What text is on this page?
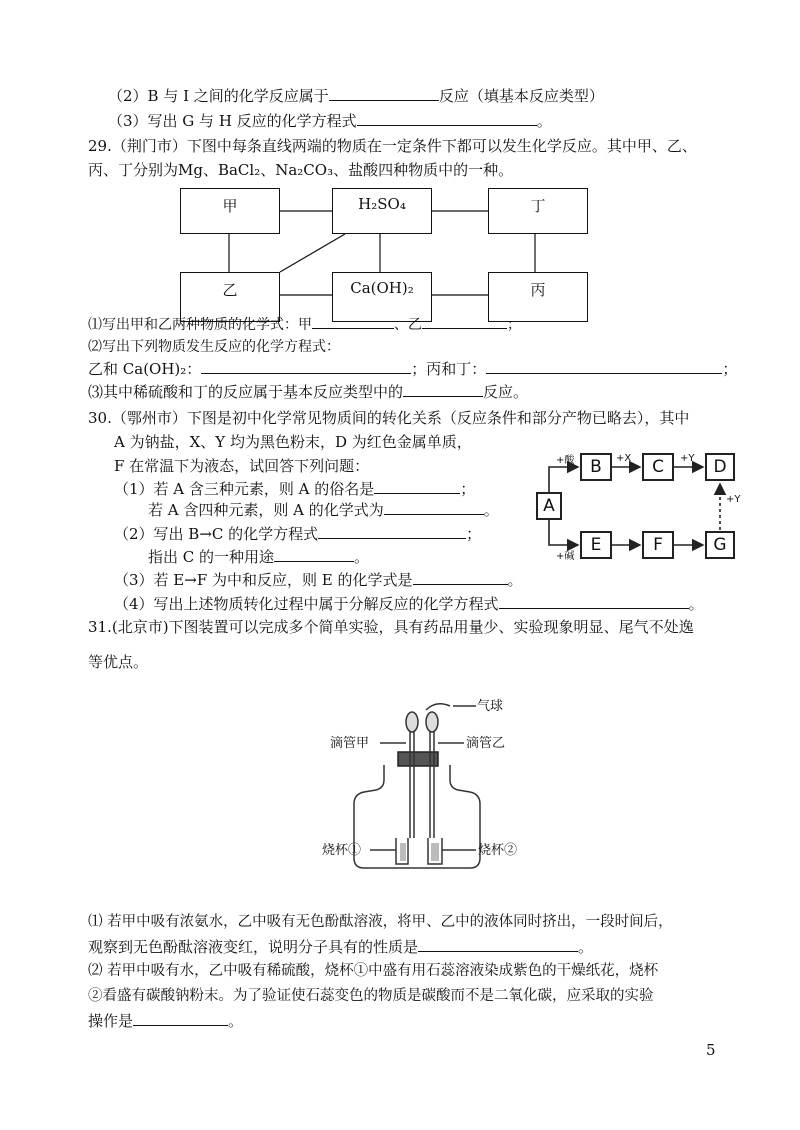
（2）B 与 I 之间的化学反应属于	反应（填基本反应类型）
（3）写出 G 与 H 反应的化学方程式	。
29.（荆门市）下图中每条直线两端的物质在一定条件下都可以发生化学反应。其中甲、乙、
丙、丁分别为Mg、BaCl₂、Na₂CO₃、盐酸四种物质中的一种。
甲	H₂SO₄	丁
乙	Ca(OH)₂	丙
⑴写出甲和乙两种物质的化学式：甲	、乙	；
⑵写出下列物质发生反应的化学方程式：
乙和 Ca(OH)₂：	；丙和丁：	；
⑶其中稀硫酸和丁的反应属于基本反应类型中的	反应。
30.（鄂州市）下图是初中化学常见物质间的转化关系（反应条件和部分产物已略去），其中
A 为钠盐，X、Y 均为黑色粉末，D 为红色金属单质，
F 在常温下为液态，试回答下列问题：
（1）若 A 含三种元素，则 A 的俗名是	；
若 A 含四种元素，则 A 的化学式为	。
（2）写出 B→C 的化学方程式	；
指出 C 的一种用途	。
（3）若 E→F 为中和反应，则 E 的化学式是	。
（4）写出上述物质转化过程中属于分解反应的化学方程式	。
A
B	C	D
E	F	G
+酸	+X	+Y
+Y
+碱
31.(北京市)下图装置可以完成多个简单实验，具有药品用量少、实验现象明显、尾气不处逸
等优点。
气球
滴管甲	滴管乙
烧杯①	烧杯②
⑴ 若甲中吸有浓氨水，乙中吸有无色酚酞溶液，将甲、乙中的液体同时挤出，一段时间后，
观察到无色酚酞溶液变红，说明分子具有的性质是	。
⑵ 若甲中吸有水，乙中吸有稀硫酸，烧杯①中盛有用石蕊溶液染成紫色的干燥纸花，烧杯
②看盛有碳酸钠粉末。为了验证使石蕊变色的物质是碳酸而不是二氧化碳，应采取的实验
操作是	。
5
